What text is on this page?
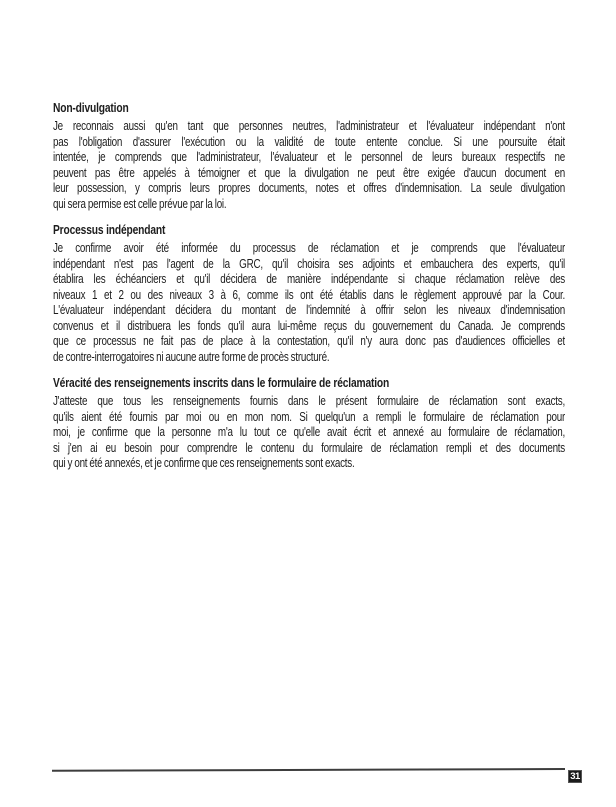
Non-divulgation
Je reconnais aussi qu'en tant que personnes neutres, l'administrateur et l'évaluateur indépendant n'ont
pas l'obligation d'assurer l'exécution ou la validité de toute entente conclue. Si une poursuite était
intentée, je comprends que l'administrateur, l'évaluateur et le personnel de leurs bureaux respectifs ne
peuvent pas être appelés à témoigner et que la divulgation ne peut être exigée d'aucun document en
leur possession, y compris leurs propres documents, notes et offres d'indemnisation. La seule divulgation
qui sera permise est celle prévue par la loi.
Processus indépendant
Je confirme avoir été informée du processus de réclamation et je comprends que l'évaluateur
indépendant n'est pas l'agent de la GRC, qu'il choisira ses adjoints et embauchera des experts, qu'il
établira les échéanciers et qu'il décidera de manière indépendante si chaque réclamation relève des
niveaux 1 et 2 ou des niveaux 3 à 6, comme ils ont été établis dans le règlement approuvé par la Cour.
L'évaluateur indépendant décidera du montant de l'indemnité à offrir selon les niveaux d'indemnisation
convenus et il distribuera les fonds qu'il aura lui-même reçus du gouvernement du Canada. Je comprends
que ce processus ne fait pas de place à la contestation, qu'il n'y aura donc pas d'audiences officielles et
de contre-interrogatoires ni aucune autre forme de procès structuré.
Véracité des renseignements inscrits dans le formulaire de réclamation
J'atteste que tous les renseignements fournis dans le présent formulaire de réclamation sont exacts,
qu'ils aient été fournis par moi ou en mon nom. Si quelqu'un a rempli le formulaire de réclamation pour
moi, je confirme que la personne m'a lu tout ce qu'elle avait écrit et annexé au formulaire de réclamation,
si j'en ai eu besoin pour comprendre le contenu du formulaire de réclamation rempli et des documents
qui y ont été annexés, et je confirme que ces renseignements sont exacts.
31
